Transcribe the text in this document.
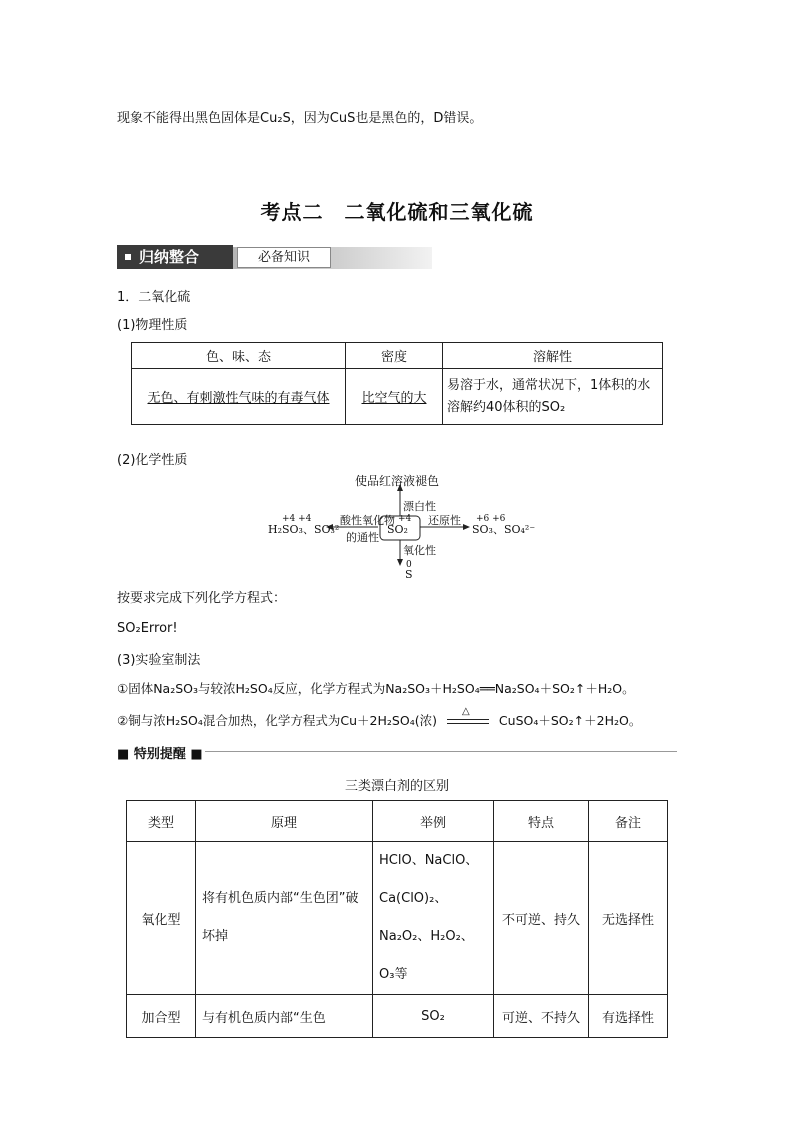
现象不能得出黑色固体是Cu₂S，因为CuS也是黑色的，D错误。
考点二　二氧化硫和三氧化硫
归纳整合	必备知识
1．二氧化硫
(1)物理性质
色、味、态	密度	溶解性
无色、有刺激性气味的有毒气体	比空气的大	易溶于水，通常状况下，1体积的水溶解约40体积的SO₂
(2)化学性质
使品红溶液褪色
漂白性
还原性
酸性氧化物
的通性
氧化性
+4 +4
H₂SO₃、SO₃²⁻
+4
SO₂
+6 +6
SO₃、SO₄²⁻
0
S
按要求完成下列化学方程式：
SO₂Error!
(3)实验室制法
①固体Na₂SO₃与较浓H₂SO₄反应，化学方程式为Na₂SO₃＋H₂SO₄══Na₂SO₄＋SO₂↑＋H₂O。
②铜与浓H₂SO₄混合加热，化学方程式为Cu＋2H₂SO₄(浓)
△
CuSO₄＋SO₂↑＋2H₂O。
■ 特别提醒 ■
三类漂白剂的区别
类型	原理	举例	特点	备注
氧化型	将有机色质内部“生色团”破坏掉	HClO、NaClO、Ca(ClO)₂、Na₂O₂、H₂O₂、O₃等	不可逆、持久	无选择性
加合型	与有机色质内部“生色	SO₂	可逆、不持久	有选择性
